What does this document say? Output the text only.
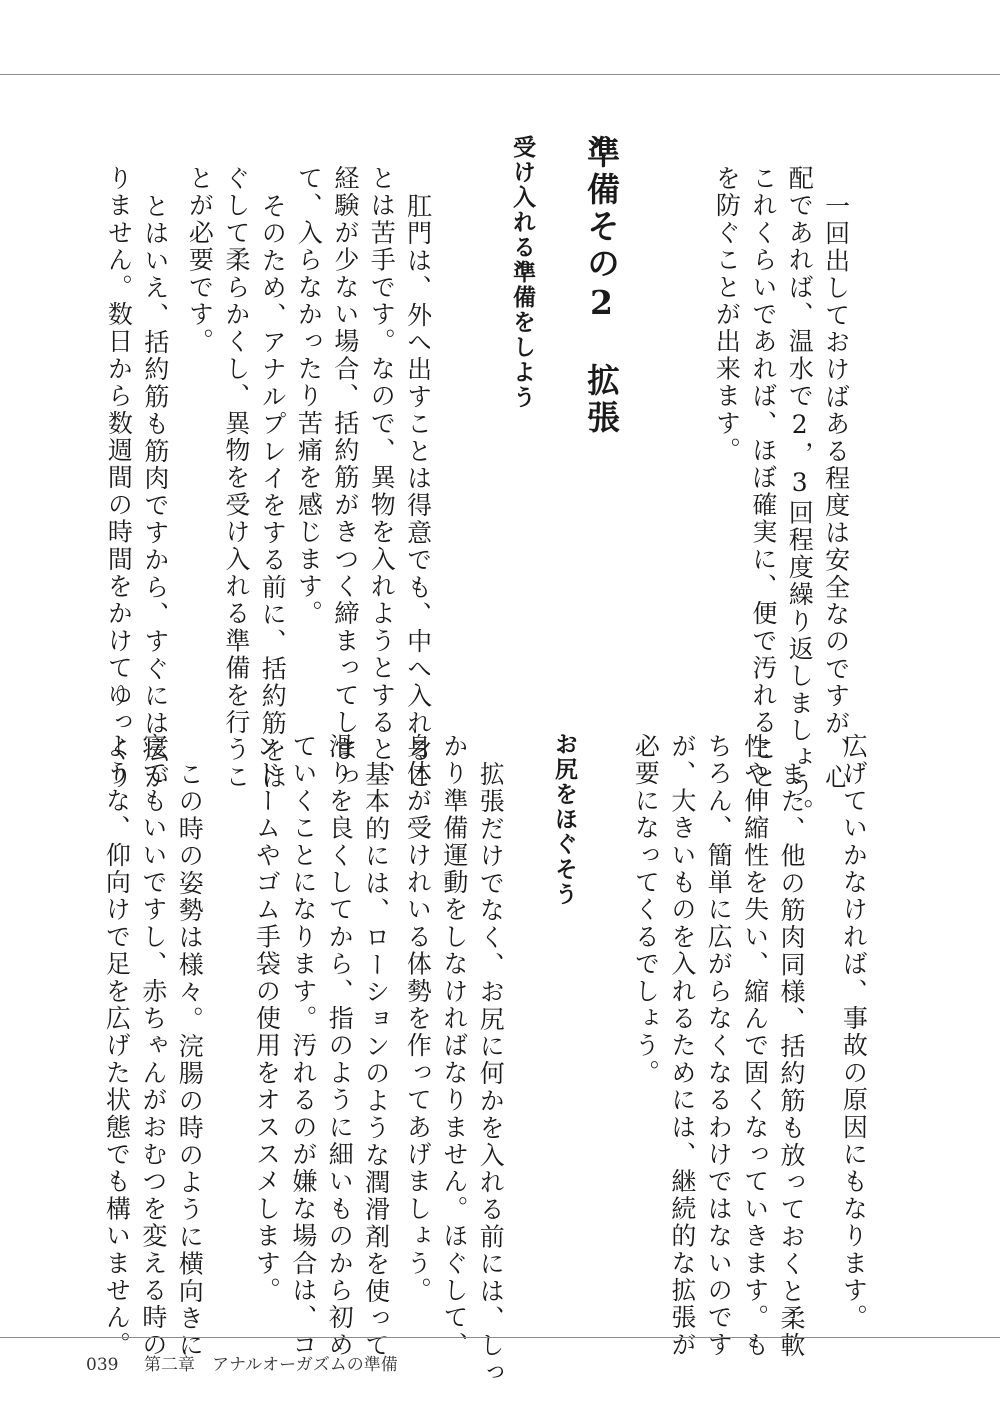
一回出しておけばある程度は安全なのですが、心
配であれば、温水で2，3回程度繰り返しましょう。
これくらいであれば、ほぼ確実に、便で汚れること
を防ぐことが出来ます。
準備その2　拡張
受け入れる準備をしよう
肛門は、外へ出すことは得意でも、中へ入れるこ
とは苦手です。なので、異物を入れようとすると、
経験が少ない場合、括約筋がきつく締まってしまっ
て、入らなかったり苦痛を感じます。
そのため、アナルプレイをする前に、括約筋をほ
ぐして柔らかくし、異物を受け入れる準備を行うこ
とが必要です。
とはいえ、括約筋も筋肉ですから、すぐには広が
りません。数日から数週間の時間をかけてゆっくり
広げていかなければ、事故の原因にもなります。
また、他の筋肉同様、括約筋も放っておくと柔軟
性や伸縮性を失い、縮んで固くなっていきます。も
ちろん、簡単に広がらなくなるわけではないのです
が、大きいものを入れるためには、継続的な拡張が
必要になってくるでしょう。
お尻をほぐそう
拡張だけでなく、お尻に何かを入れる前には、しっ
かり準備運動をしなければなりません。ほぐして、
身体が受けれいる体勢を作ってあげましょう。
基本的には、ローションのような潤滑剤を使って
滑りを良くしてから、指のように細いものから初め
ていくことになります。汚れるのが嫌な場合は、コ
ンドームやゴム手袋の使用をオススメします。
この時の姿勢は様々。浣腸の時のように横向きに
寝てもいいですし、赤ちゃんがおむつを変える時の
ような、仰向けで足を広げた状態でも構いません。
039　  第二章　 アナルオーガズムの準備
